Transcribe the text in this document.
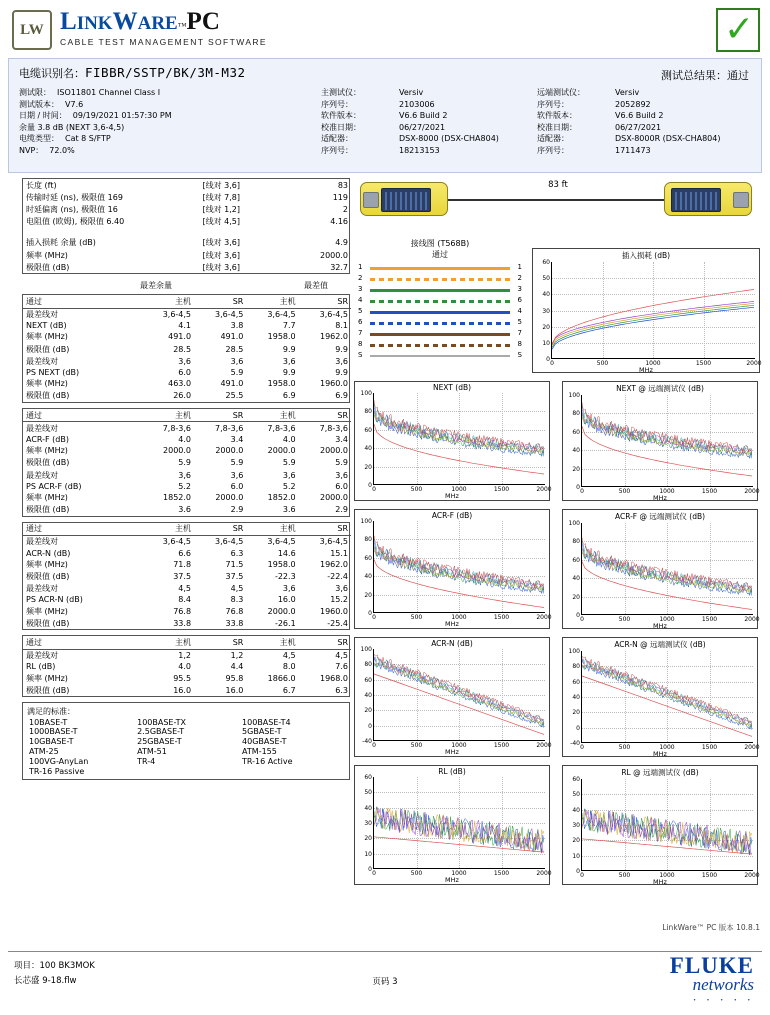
LW LINKWARE™PC
CABLE TEST MANAGEMENT SOFTWARE	✓
电缆识别名：FIBBR/SSTP/BK/3M-M32	测试总结果：通过
测试限： ISO11801 Channel Class I
测试版本： V7.6
日期 / 时间： 09/19/2021 01:57:30 PM
余量 3.8 dB (NEXT 3,6-4,5)
电缆类型： Cat 8 S/FTP
NVP： 72.0%
主测试仪：	Versiv
序列号：	2103006
软件版本：	V6.6 Build 2
校准日期：	06/27/2021
适配器：	DSX-8000 (DSX-CHA804)
序列号：	18213153
远端测试仪：	Versiv
序列号：	2052892
软件版本：	V6.6 Build 2
校准日期：	06/27/2021
适配器：	DSX-8000R (DSX-CHA804)
序列号：	1711473
长度 (ft)	[线对 3,6]	83
传输时延 (ns), 极限值 169	[线对 7,8]	119
时延偏离 (ns), 极限值 16	[线对 1,2]	2
电阻值 (欧姆), 极限值 6.40	[线对 4,5]	4.16

插入损耗 余量 (dB)	[线对 3,6]	4.9
频率 (MHz)	[线对 3,6]	2000.0
极限值 (dB)	[线对 3,6]	32.7
最差余量	最差值
通过	主机	SR	主机	SR
最差线对	3,6-4,5	3,6-4,5	3,6-4,5	3,6-4,5
NEXT (dB)	4.1	3.8	7.7	8.1
频率 (MHz)	491.0	491.0	1958.0	1962.0
极限值 (dB)	28.5	28.5	9.9	9.9
最差线对	3,6	3,6	3,6	3,6
PS NEXT (dB)	6.0	5.9	9.9	9.9
频率 (MHz)	463.0	491.0	1958.0	1960.0
极限值 (dB)	26.0	25.5	6.9	6.9
通过	主机	SR	主机	SR
最差线对	7,8-3,6	7,8-3,6	7,8-3,6	7,8-3,6
ACR-F (dB)	4.0	3.4	4.0	3.4
频率 (MHz)	2000.0	2000.0	2000.0	2000.0
极限值 (dB)	5.9	5.9	5.9	5.9
最差线对	3,6	3,6	3,6	3,6
PS ACR-F (dB)	5.2	6.0	5.2	6.0
频率 (MHz)	1852.0	2000.0	1852.0	2000.0
极限值 (dB)	3.6	2.9	3.6	2.9
通过	主机	SR	主机	SR
最差线对	3,6-4,5	3,6-4,5	3,6-4,5	3,6-4,5
ACR-N (dB)	6.6	6.3	14.6	15.1
频率 (MHz)	71.8	71.5	1958.0	1962.0
极限值 (dB)	37.5	37.5	-22.3	-22.4
最差线对	4,5	4,5	3,6	3,6
PS ACR-N (dB)	8.4	8.3	16.0	15.2
频率 (MHz)	76.8	76.8	2000.0	1960.0
极限值 (dB)	33.8	33.8	-26.1	-25.4
通过	主机	SR	主机	SR
最差线对	1,2	1,2	4,5	4,5
RL (dB)	4.0	4.4	8.0	7.6
频率 (MHz)	95.5	95.8	1866.0	1968.0
极限值 (dB)	16.0	16.0	6.7	6.3
满足的标准：
10BASE-T	100BASE-TX	100BASE-T4
1000BASE-T	2.5GBASE-T	5GBASE-T
10GBASE-T	25GBASE-T	40GBASE-T
ATM-25	ATM-51	ATM-155
100VG-AnyLan	TR-4	TR-16 Active
TR-16 Passive		
83 ft
接线图 (T568B)
通过
1	1
2	2
3	3
4	6
5	4
6	5
7	7
8	8
S	S
插入损耗 (dB)
60
50
40
30
20
10
0
0	500	1000	1500	2000
MHz
NEXT (dB)
100
80
60
40
20
0
0	500	1000	1500	2000
MHz
NEXT @ 远端测试仪 (dB)
100
80
60
40
20
0
0	500	1000	1500	2000
MHz
ACR-F (dB)
100
80
60
40
20
0
0	500	1000	1500	2000
MHz
ACR-F @ 远端测试仪 (dB)
100
80
60
40
20
0
0	500	1000	1500	2000
MHz
ACR-N (dB)
100
80
60
40
20
0
-40
0	500	1000	1500	2000
MHz
ACR-N @ 远端测试仪 (dB)
100
80
60
40
20
0
-40
0	500	1000	1500	2000
MHz
RL (dB)
60
50
40
30
20
10
0
0	500	1000	1500	2000
MHz
RL @ 远端测试仪 (dB)
60
50
40
30
20
10
0
0	500	1000	1500	2000
MHz
LinkWare™ PC 版本 10.8.1
项目：100 BK3MOK
长芯盛 9-18.flw	页码 3
FLUKE
networks
· · · · ·
